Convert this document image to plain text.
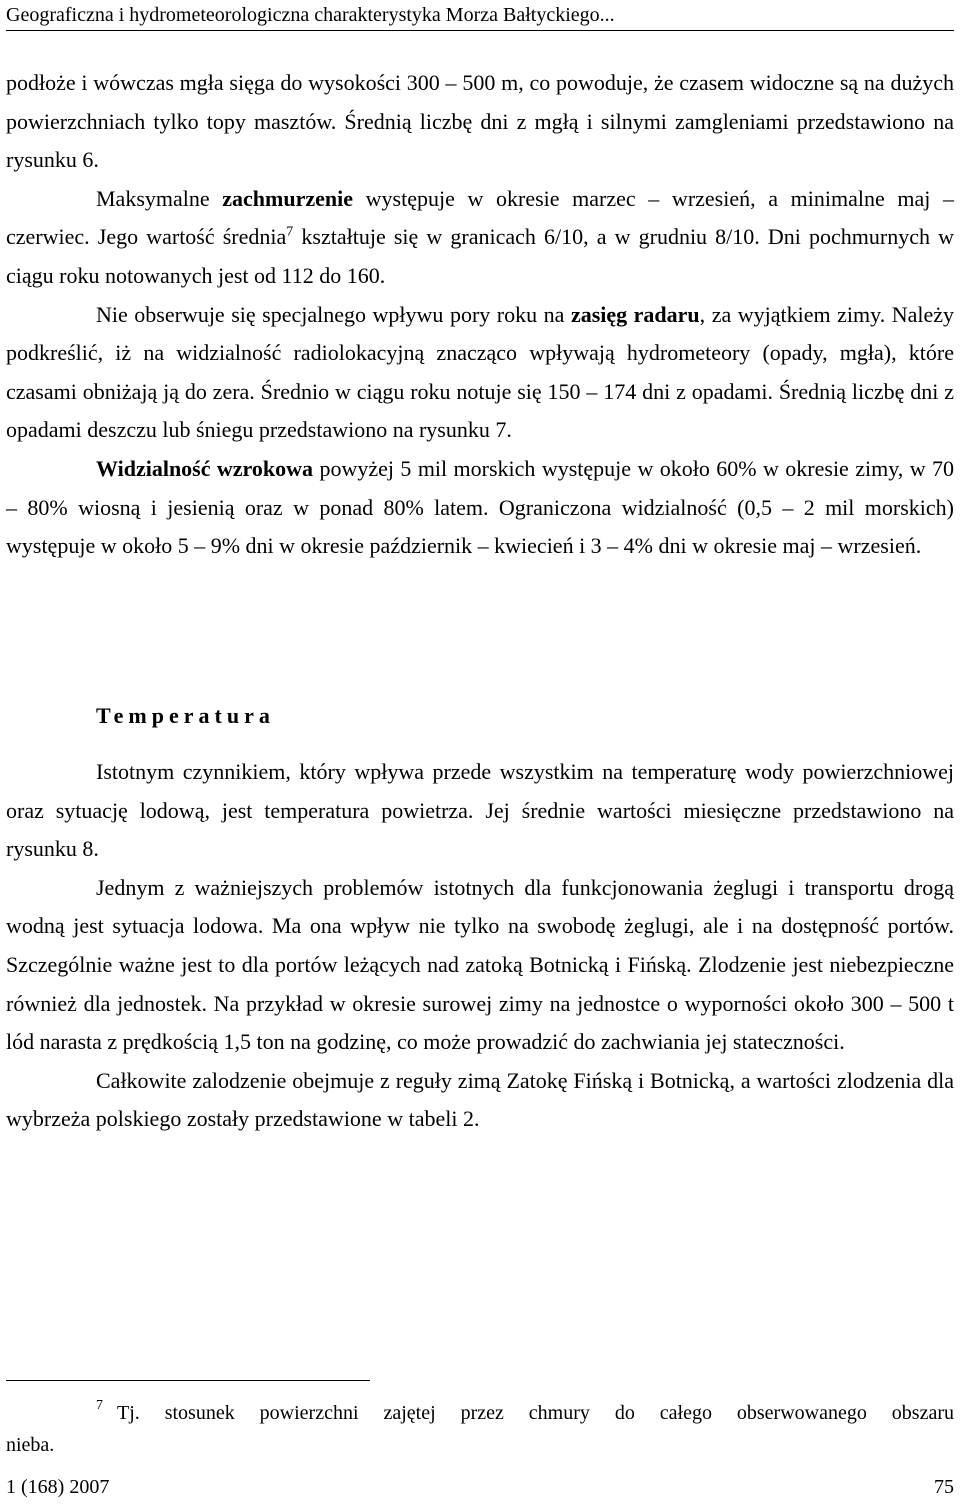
Geograficzna i hydrometeorologiczna charakterystyka Morza Bałtyckiego...

podłoże i wówczas mgła sięga do wysokości 300 – 500 m, co powoduje, że czasem widoczne są na dużych powierzchniach tylko topy masztów. Średnią liczbę dni z mgłą i silnymi zamgleniami przedstawiono na rysunku 6.

Maksymalne zachmurzenie występuje w okresie marzec – wrzesień, a minimalne maj – czerwiec. Jego wartość średnia$^7$ kształtuje się w granicach 6/10, a w grudniu 8/10. Dni pochmurnych w ciągu roku notowanych jest od 112 do 160.

Nie obserwuje się specjalnego wpływu pory roku na zasięg radaru, za wyjątkiem zimy. Należy podkreślić, iż na widzialność radiolokacyjną znacząco wpływają hydrometeory (opady, mgła), które czasami obniżają ją do zera. Średnio w ciągu roku notuje się 150 – 174 dni z opadami. Średnią liczbę dni z opadami deszczu lub śniegu przedstawiono na rysunku 7.

Widzialność wzrokowa powyżej 5 mil morskich występuje w około 60% w okresie zimy, w 70 – 80% wiosną i jesienią oraz w ponad 80% latem. Ograniczona widzialność (0,5 – 2 mil morskich) występuje w około 5 – 9% dni w okresie październik – kwiecień i 3 – 4% dni w okresie maj – wrzesień.

Temperatura

Istotnym czynnikiem, który wpływa przede wszystkim na temperaturę wody powierzchniowej oraz sytuację lodową, jest temperatura powietrza. Jej średnie wartości miesięczne przedstawiono na rysunku 8.

Jednym z ważniejszych problemów istotnych dla funkcjonowania żeglugi i transportu drogą wodną jest sytuacja lodowa. Ma ona wpływ nie tylko na swobodę żeglugi, ale i na dostępność portów. Szczególnie ważne jest to dla portów leżących nad zatoką Botnicką i Fińską. Zlodzenie jest niebezpieczne również dla jednostek. Na przykład w okresie surowej zimy na jednostce o wyporności około 300 – 500 t lód narasta z prędkością 1,5 ton na godzinę, co może prowadzić do zachwiania jej stateczności.

Całkowite zalodzenie obejmuje z reguły zimą Zatokę Fińską i Botnicką, a wartości zlodzenia dla wybrzeża polskiego zostały przedstawione w tabeli 2.

$^7$ Tj. stosunek powierzchni zajętej przez chmury do całego obserwowanego obszaru

nieba.

1 (168) 2007	75
